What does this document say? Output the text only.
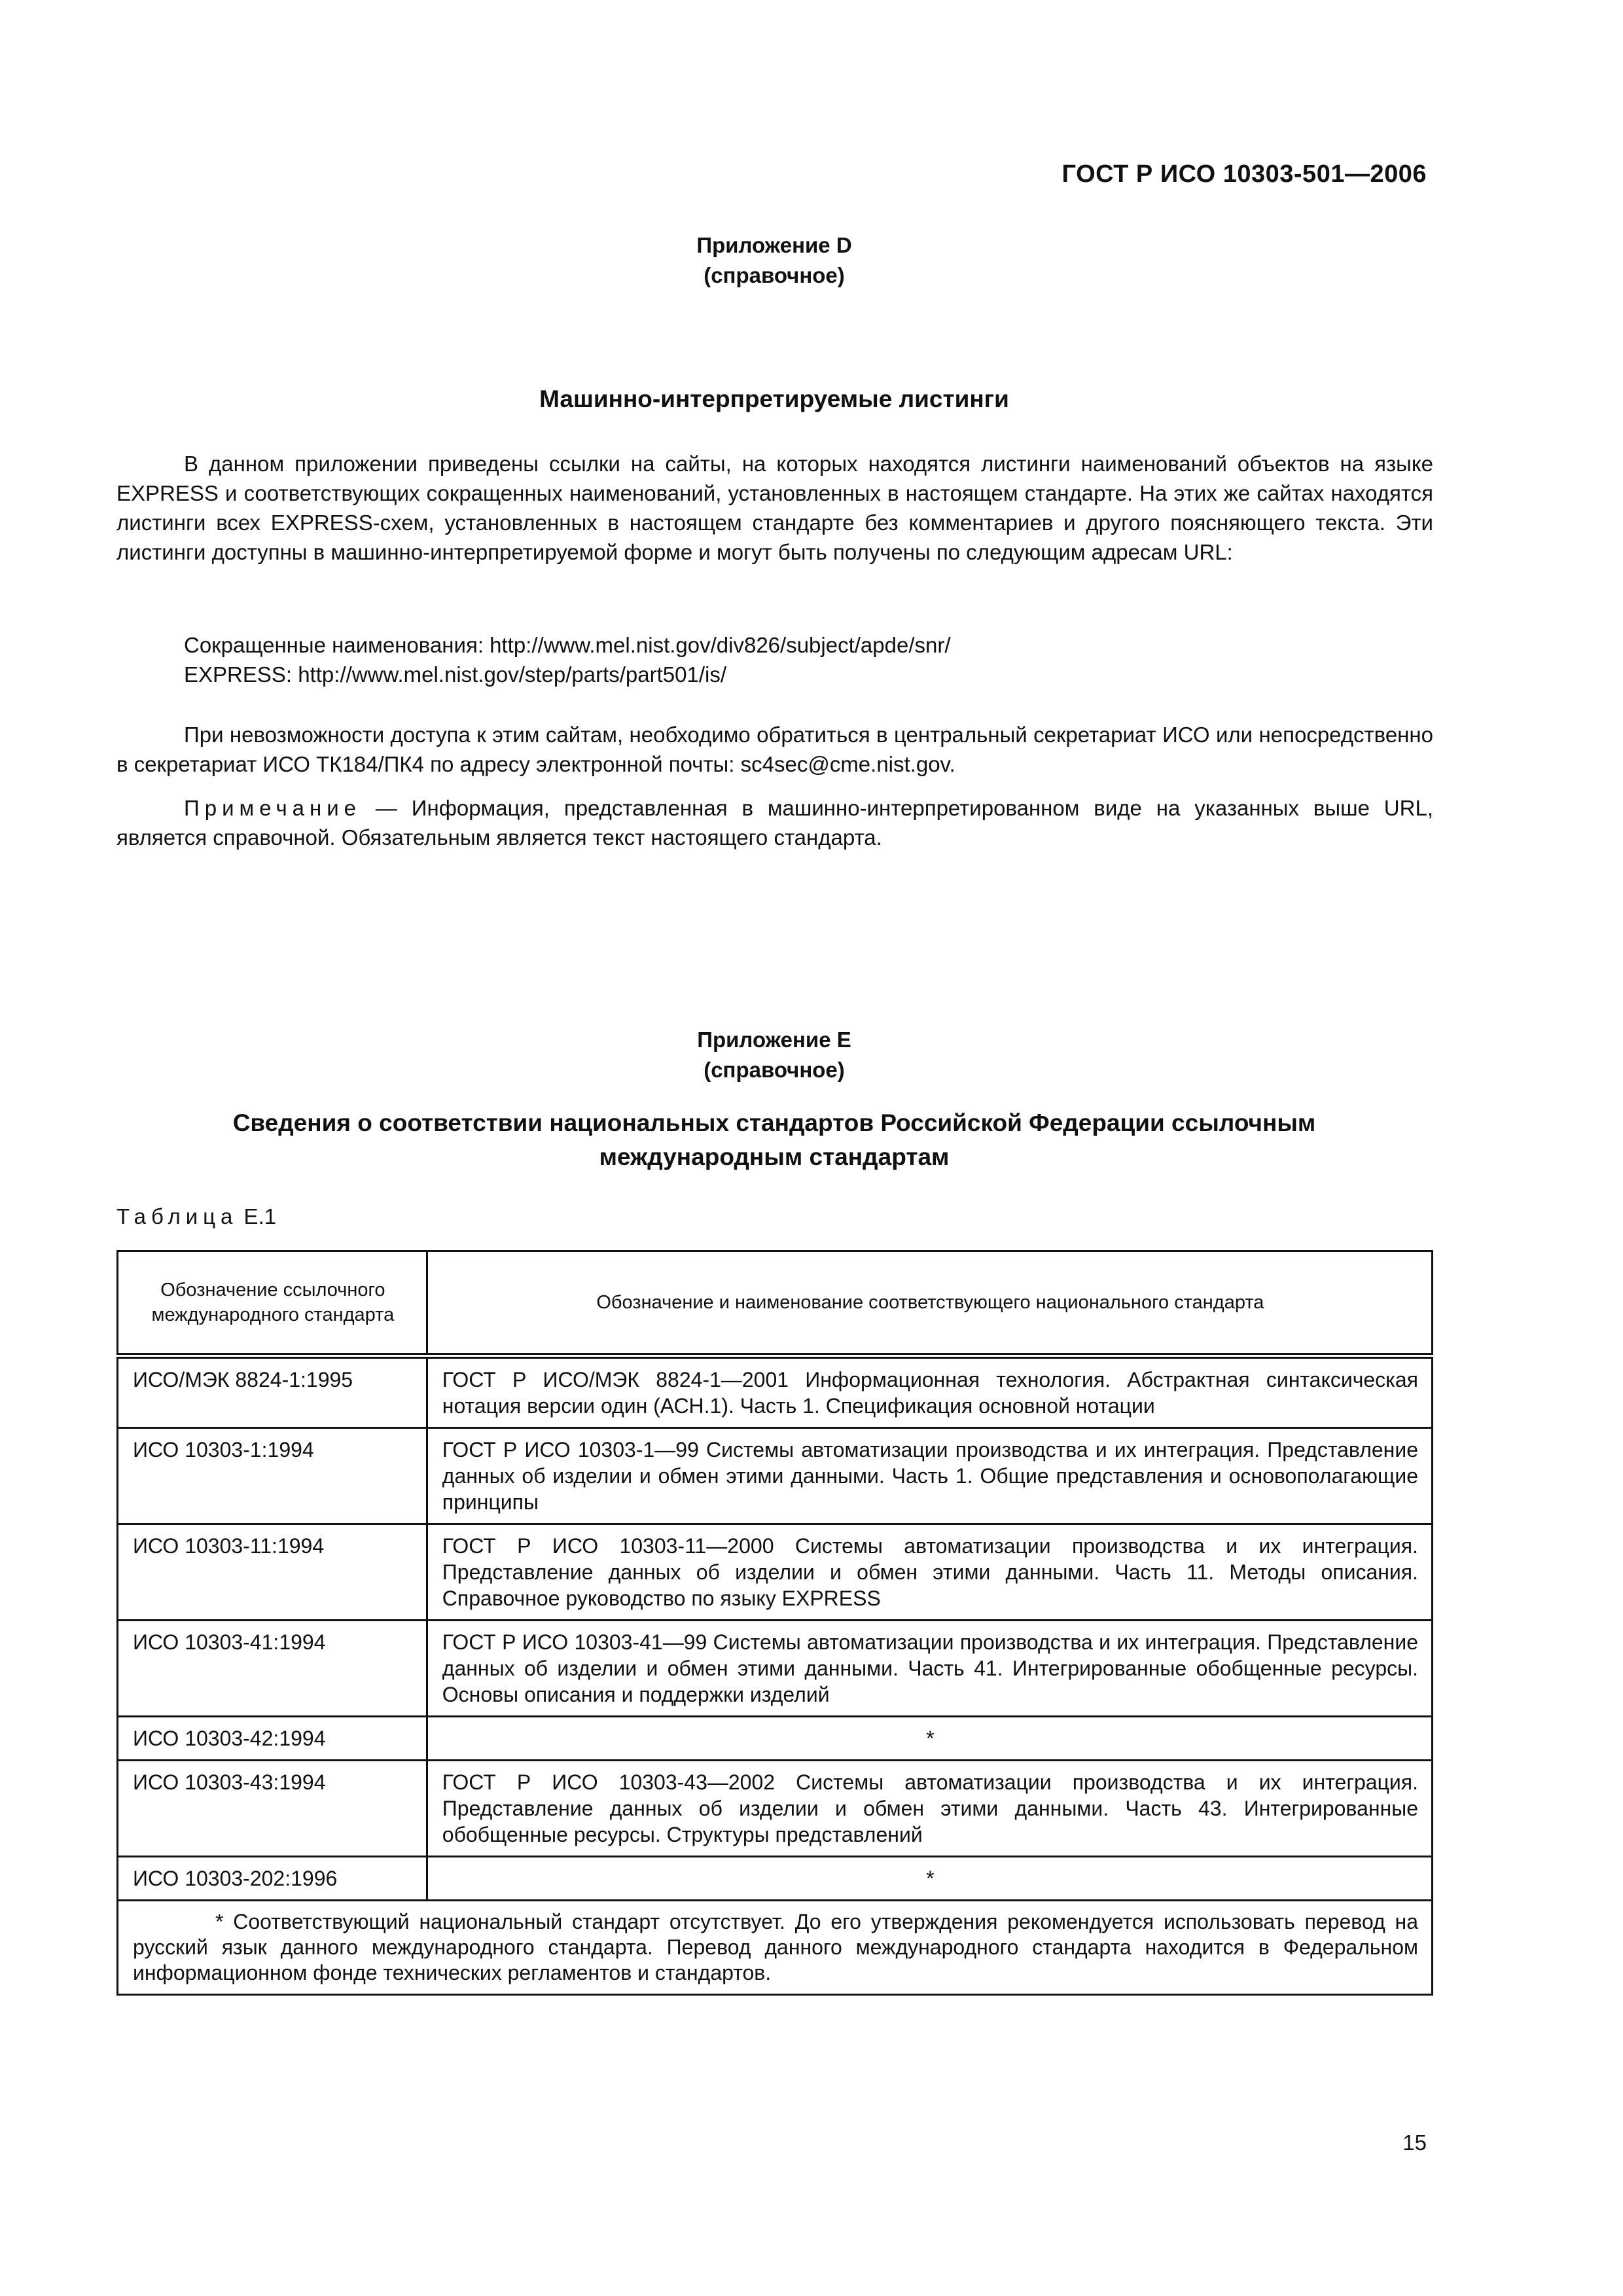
ГОСТ Р ИСО 10303-501—2006
Приложение D
(справочное)
Машинно-интерпретируемые листинги

В данном приложении приведены ссылки на сайты, на которых находятся листинги наименований объектов на языке EXPRESS и соответствующих сокращенных наименований, установленных в настоящем стандарте. На этих же сайтах находятся листинги всех EXPRESS-схем, установленных в настоящем стандарте без комментариев и другого поясняющего текста. Эти листинги доступны в машинно-интерпретируемой форме и могут быть получены по следующим адресам URL:

Сокращенные наименования: http://www.mel.nist.gov/div826/subject/apde/snr/
EXPRESS: http://www.mel.nist.gov/step/parts/part501/is/

При невозможности доступа к этим сайтам, необходимо обратиться в центральный секретариат ИСО или непосредственно в секретариат ИСО ТК184/ПК4 по адресу электронной почты: sc4sec@cme.nist.gov.

Примечание — Информация, представленная в машинно-интерпретированном виде на указанных выше URL, является справочной. Обязательным является текст настоящего стандарта.

Приложение E
(справочное)
Сведения о соответствии национальных стандартов Российской Федерации ссылочным
международным стандартам
Таблица Е.1
Обозначение ссылочного международного стандарта	Обозначение и наименование соответствующего национального стандарта
ИСО/МЭК 8824-1:1995	ГОСТ Р ИСО/МЭК 8824-1—2001 Информационная технология. Абстрактная синтаксическая нотация версии один (АСН.1). Часть 1. Спецификация основной нотации
ИСО 10303-1:1994	ГОСТ Р ИСО 10303-1—99 Системы автоматизации производства и их интеграция. Представление данных об изделии и обмен этими данными. Часть 1. Общие представления и основополагающие принципы
ИСО 10303-11:1994	ГОСТ Р ИСО 10303-11—2000 Системы автоматизации производства и их интеграция. Представление данных об изделии и обмен этими данными. Часть 11. Методы описания. Справочное руководство по языку EXPRESS
ИСО 10303-41:1994	ГОСТ Р ИСО 10303-41—99 Системы автоматизации производства и их интеграция. Представление данных об изделии и обмен этими данными. Часть 41. Интегрированные обобщенные ресурсы. Основы описания и поддержки изделий
ИСО 10303-42:1994	*
ИСО 10303-43:1994	ГОСТ Р ИСО 10303-43—2002 Системы автоматизации производства и их интеграция. Представление данных об изделии и обмен этими данными. Часть 43. Интегрированные обобщенные ресурсы. Структуры представлений
ИСО 10303-202:1996	*

* Соответствующий национальный стандарт отсутствует. До его утверждения рекомендуется использовать перевод на русский язык данного международного стандарта. Перевод данного международного стандарта находится в Федеральном информационном фонде технических регламентов и стандартов.	
15
